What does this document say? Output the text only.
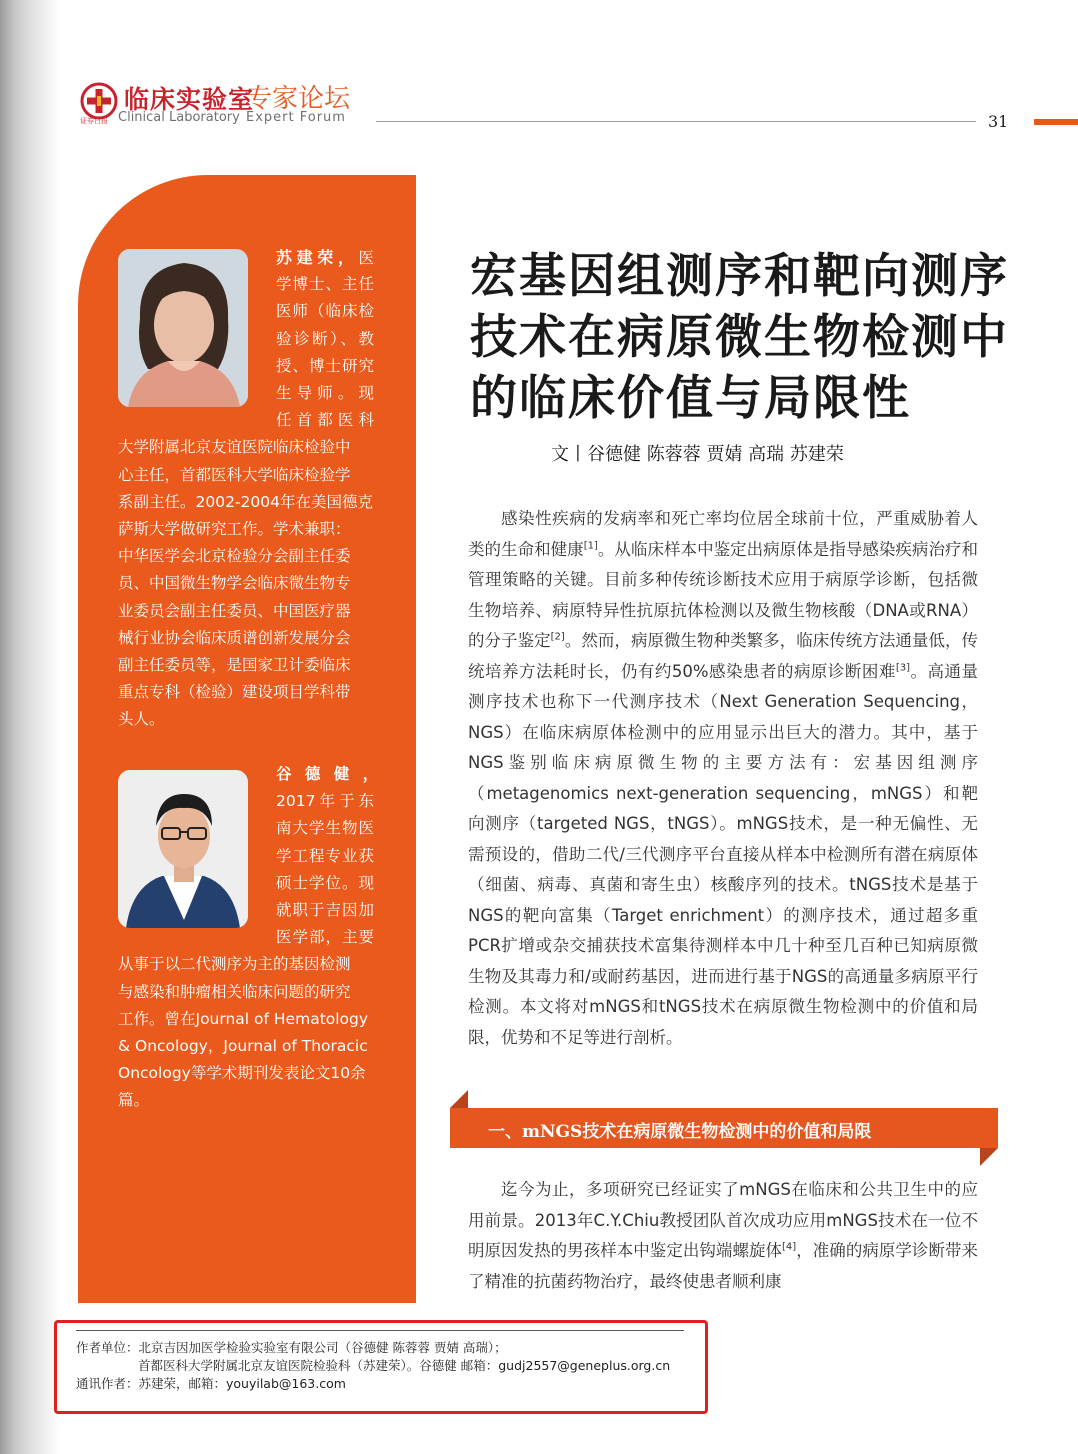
临床实验室
专家论坛
证券日报 Clinical Laboratory Expert Forum	31
苏建荣，医
学博士、主任
医师（临床检
验诊断）、教
授、博士研究
生 导 师 。 现
任 首 都 医 科
大学附属北京友谊医院临床检验中
心主任，首都医科大学临床检验学
系副主任。2002-2004年在美国德克
萨斯大学做研究工作。学术兼职：
中华医学会北京检验分会副主任委
员、中国微生物学会临床微生物专
业委员会副主任委员、中国医疗器
械行业协会临床质谱创新发展分会
副主任委员等，是国家卫计委临床
重点专科（检验）建设项目学科带
头人。
谷 德 健 ，
2017年于东
南大学生物医
学工程专业获
硕士学位。现
就职于吉因加
医学部，主要
从事于以二代测序为主的基因检测
与感染和肿瘤相关临床问题的研究
工作。曾在Journal of Hematology
& Oncology，Journal of Thoracic
Oncology等学术期刊发表论文10余
篇。
宏基因组测序和靶向测序
技术在病原微生物检测中
的临床价值与局限性
文丨谷德健 陈蓉蓉 贾婧 高瑞 苏建荣

感染性疾病的发病率和死亡率均位居全球前十位，严重威胁着人类的生命和健康[1]。从临床样本中鉴定出病原体是指导感染疾病治疗和管理策略的关键。目前多种传统诊断技术应用于病原学诊断，包括微生物培养、病原特异性抗原抗体检测以及微生物核酸（DNA或RNA）的分子鉴定[2]。然而，病原微生物种类繁多，临床传统方法通量低，传统培养方法耗时长，仍有约50%感染患者的病原诊断困难[3]。高通量测序技术也称下一代测序技术（Next Generation Sequencing，NGS）在临床病原体检测中的应用显示出巨大的潜力。其中，基于NGS鉴别临床病原微生物的主要方法有：宏基因组测序（metagenomics next-generation sequencing，mNGS）和靶向测序（targeted NGS，tNGS）。mNGS技术，是一种无偏性、无需预设的，借助二代/三代测序平台直接从样本中检测所有潜在病原体（细菌、病毒、真菌和寄生虫）核酸序列的技术。tNGS技术是基于NGS的靶向富集（Target enrichment）的测序技术，通过超多重PCR扩增或杂交捕获技术富集待测样本中几十种至几百种已知病原微生物及其毒力和/或耐药基因，进而进行基于NGS的高通量多病原平行检测。本文将对mNGS和tNGS技术在病原微生物检测中的价值和局限，优势和不足等进行剖析。

一、mNGS技术在病原微生物检测中的价值和局限

迄今为止，多项研究已经证实了mNGS在临床和公共卫生中的应用前景。2013年C.Y.Chiu教授团队首次成功应用mNGS技术在一位不明原因发热的男孩样本中鉴定出钩端螺旋体[4]，准确的病原学诊断带来了精准的抗菌药物治疗，最终使患者顺利康

作者单位：北京吉因加医学检验实验室有限公司（谷德健 陈蓉蓉 贾婧 高瑞）；
首都医科大学附属北京友谊医院检验科（苏建荣）。谷德健 邮箱：gudj2557@geneplus.org.cn
通讯作者：苏建荣，邮箱：youyilab@163.com
